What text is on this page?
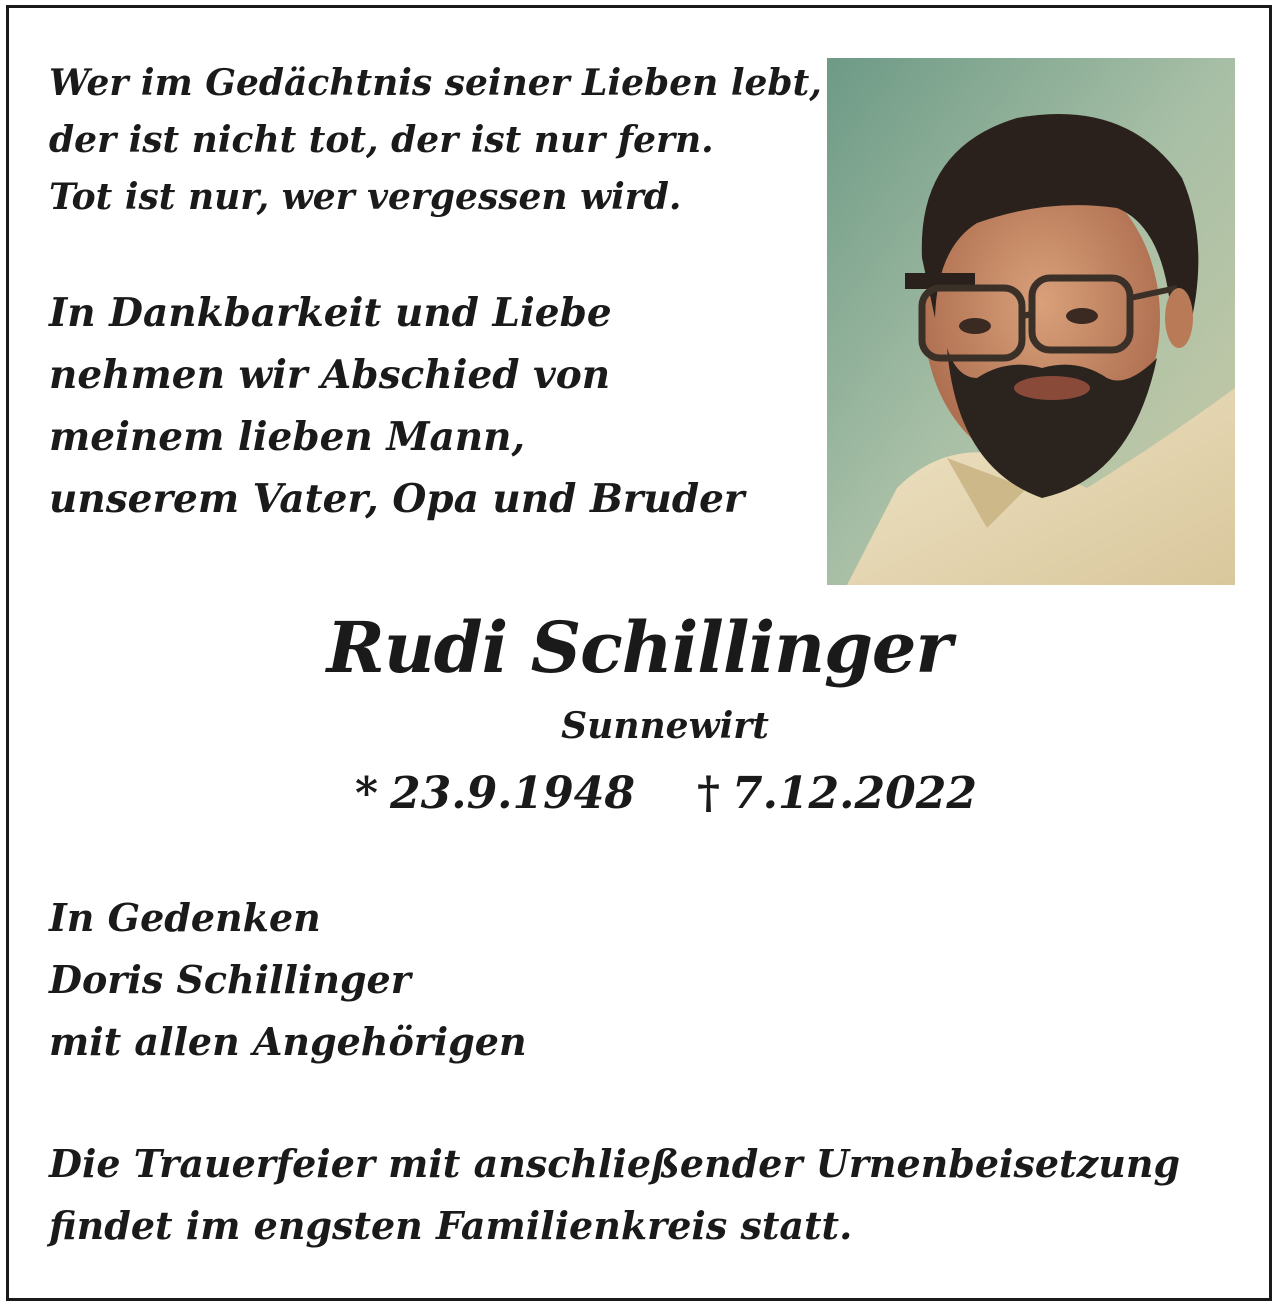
Wer im Gedächtnis seiner Lieben lebt,
der ist nicht tot, der ist nur fern.
Tot ist nur, wer vergessen wird.

In Dankbarkeit und Liebe
nehmen wir Abschied von
meinem lieben Mann,
unserem Vater, Opa und Bruder

Rudi Schillinger
Sunnewirt
* 23.9.1948 † 7.12.2022

In Gedenken
Doris Schillinger
mit allen Angehörigen

Die Trauerfeier mit anschließender Urnenbeisetzung
findet im engsten Familienkreis statt.
